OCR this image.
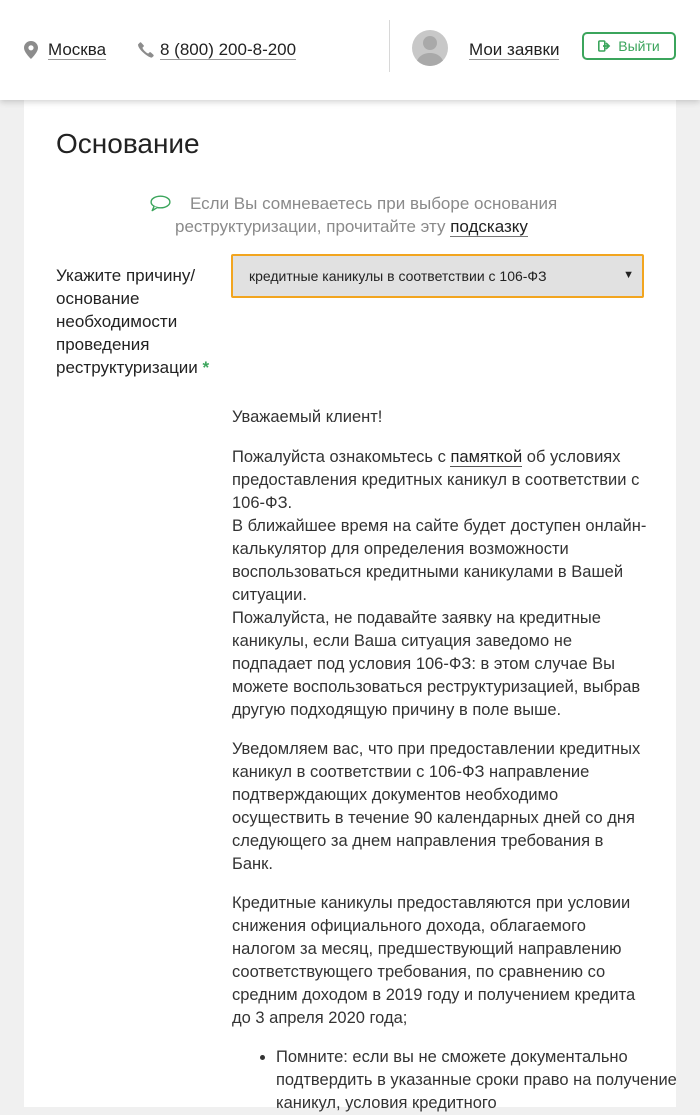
Москва	8 (800) 200-8-200	Мои заявки	Выйти
Основание
Если Вы сомневаетесь при выборе основания
реструктуризации, прочитайте эту подсказку
Укажите причину/ основание необходимости проведения реструктуризации *
кредитные каникулы в соответствии с 106-ФЗ	▼

Уважаемый клиент!

Пожалуйста ознакомьтесь с памяткой об условиях предоставления кредитных каникул в соответствии с 106-ФЗ.
В ближайшее время на сайте будет доступен онлайн-калькулятор для определения возможности воспользоваться кредитными каникулами в Вашей ситуации.
Пожалуйста, не подавайте заявку на кредитные каникулы, если Ваша ситуация заведомо не подпадает под условия 106-ФЗ: в этом случае Вы можете воспользоваться реструктуризацией, выбрав другую подходящую причину в поле выше.

Уведомляем вас, что при предоставлении кредитных каникул в соответствии с 106-ФЗ направление подтверждающих документов необходимо осуществить в течение 90 календарных дней со дня следующего за днем направления требования в Банк.

Кредитные каникулы предоставляются при условии снижения официального дохода, облагаемого налогом за месяц, предшествующий направлению соответствующего требования, по сравнению со средним доходом в 2019 году и получением кредита до 3 апреля 2020 года;

• Помните: если вы не сможете документально подтвердить в указанные сроки право на получение каникул, условия кредитного
